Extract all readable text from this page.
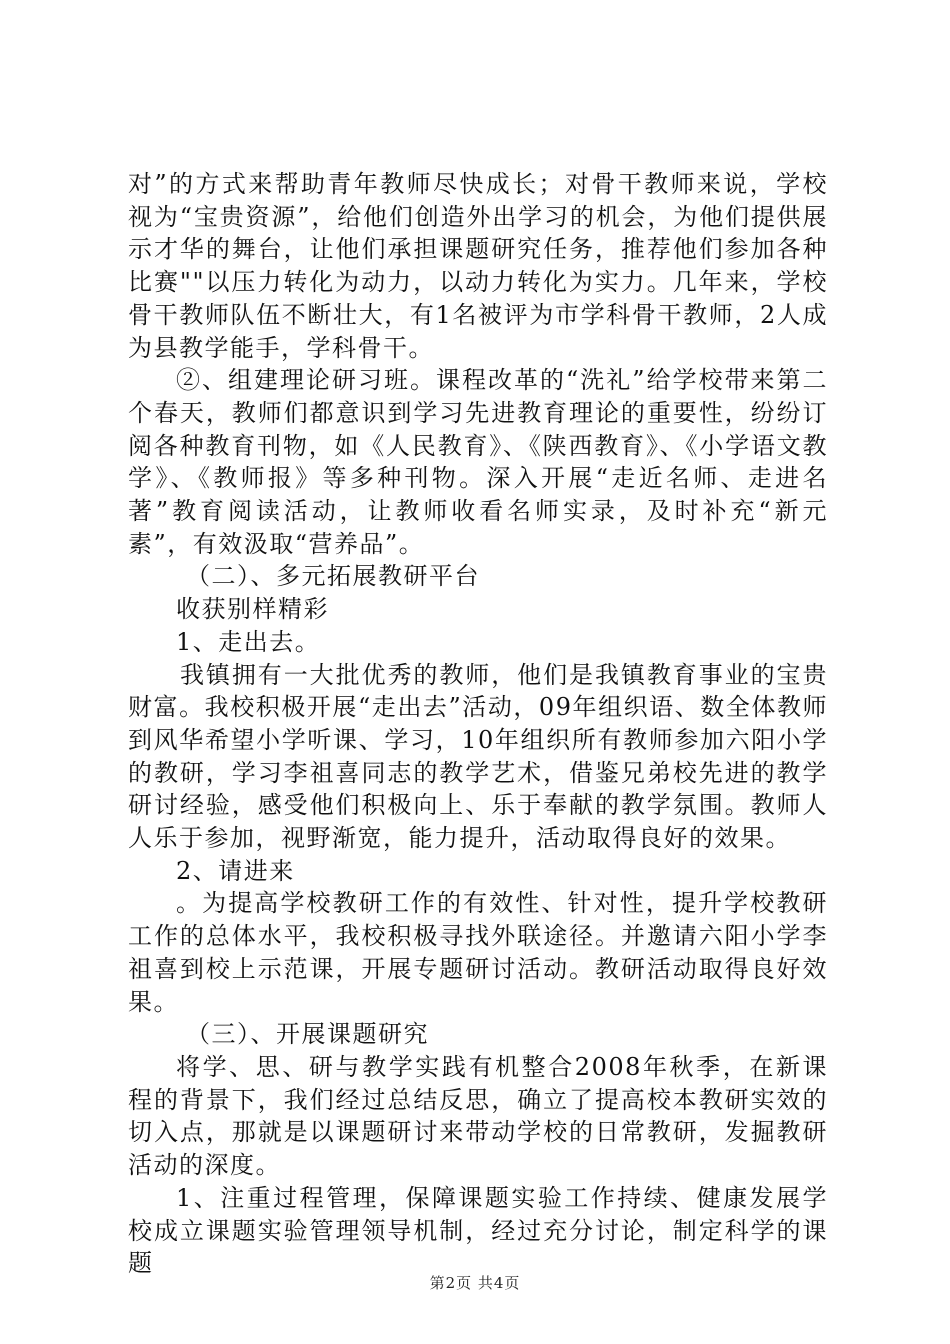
对”的方式来帮助青年教师尽快成长；对骨干教师来说，学校视为“宝贵资源”，给他们创造外出学习的机会，为他们提供展示才华的舞台，让他们承担课题研究任务，推荐他们参加各种比赛""以压力转化为动力，以动力转化为实力。几年来，学校骨干教师队伍不断壮大，有1名被评为市学科骨干教师，2人成为县教学能手，学科骨干。

②、组建理论研习班。课程改革的“洗礼”给学校带来第二个春天，教师们都意识到学习先进教育理论的重要性，纷纷订阅各种教育刊物，如《人民教育》、《陕西教育》、《小学语文教学》、《教师报》等多种刊物。深入开展“走近名师、走进名著”教育阅读活动，让教师收看名师实录，及时补充“新元素”，有效汲取“营养品”。

（二）、多元拓展教研平台

收获别样精彩

1、走出去。

我镇拥有一大批优秀的教师，他们是我镇教育事业的宝贵财富。我校积极开展“走出去”活动，09年组织语、数全体教师到风华希望小学听课、学习，10年组织所有教师参加六阳小学的教研，学习李祖喜同志的教学艺术，借鉴兄弟校先进的教学研讨经验，感受他们积极向上、乐于奉献的教学氛围。教师人人乐于参加，视野渐宽，能力提升，活动取得良好的效果。

2、请进来

。为提高学校教研工作的有效性、针对性，提升学校教研工作的总体水平，我校积极寻找外联途径。并邀请六阳小学李祖喜到校上示范课，开展专题研讨活动。教研活动取得良好效果。

（三）、开展课题研究

将学、思、研与教学实践有机整合2008年秋季，在新课程的背景下，我们经过总结反思，确立了提高校本教研实效的切入点，那就是以课题研讨来带动学校的日常教研，发掘教研活动的深度。

1、注重过程管理，保障课题实验工作持续、健康发展学校成立课题实验管理领导机制，经过充分讨论，制定科学的课题

第2页 共4页
